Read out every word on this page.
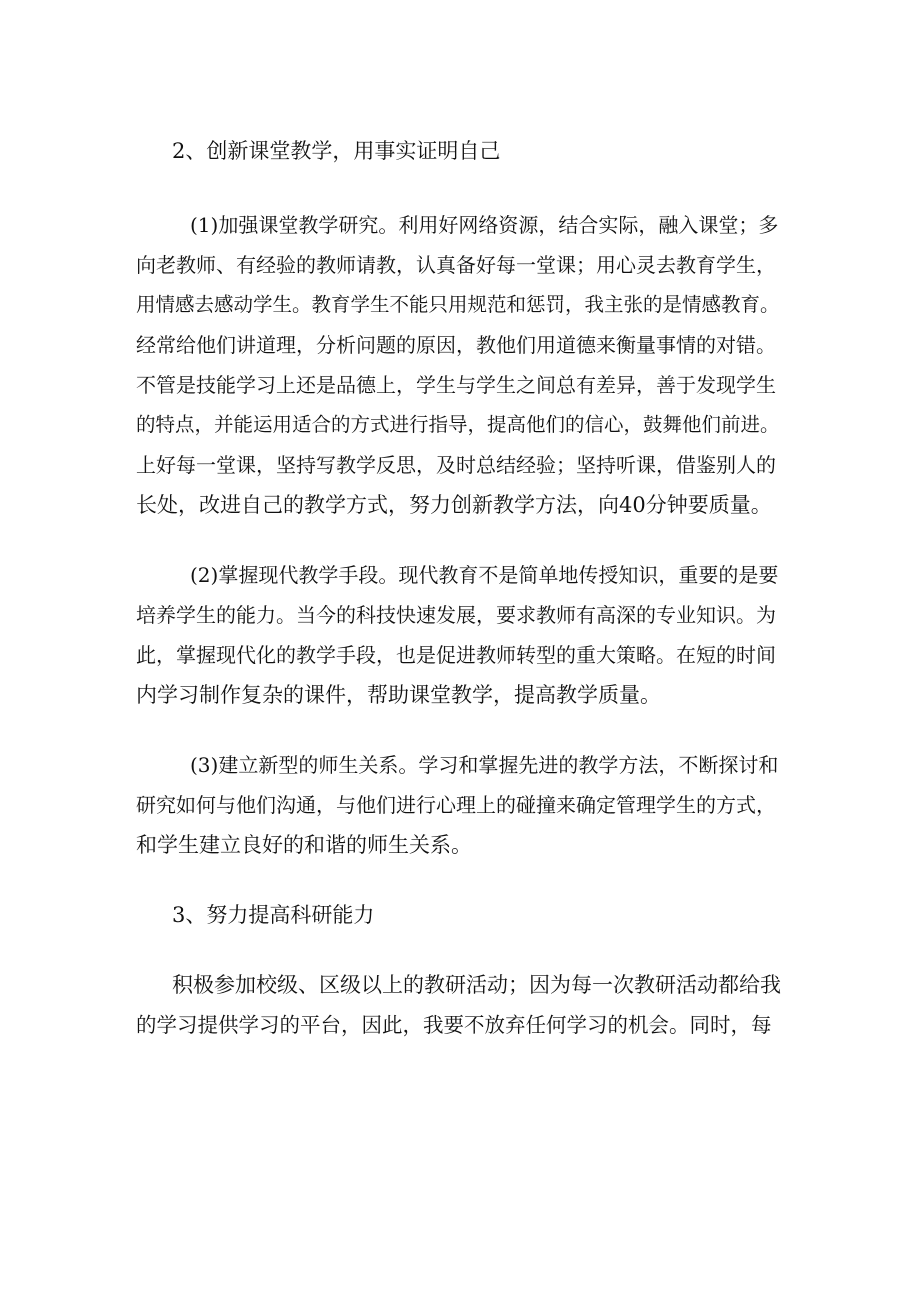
2、创新课堂教学，用事实证明自己

(1)加强课堂教学研究。利用好网络资源，结合实际，融入课堂；多
向老教师、有经验的教师请教，认真备好每一堂课；用心灵去教育学生，
用情感去感动学生。教育学生不能只用规范和惩罚，我主张的是情感教育。
经常给他们讲道理，分析问题的原因，教他们用道德来衡量事情的对错。
不管是技能学习上还是品德上，学生与学生之间总有差异，善于发现学生
的特点，并能运用适合的方式进行指导，提高他们的信心，鼓舞他们前进。
上好每一堂课，坚持写教学反思，及时总结经验；坚持听课，借鉴别人的
长处，改进自己的教学方式，努力创新教学方法，向40分钟要质量。

(2)掌握现代教学手段。现代教育不是简单地传授知识，重要的是要
培养学生的能力。当今的科技快速发展，要求教师有高深的专业知识。为
此，掌握现代化的教学手段，也是促进教师转型的重大策略。在短的时间
内学习制作复杂的课件，帮助课堂教学，提高教学质量。

(3)建立新型的师生关系。学习和掌握先进的教学方法，不断探讨和
研究如何与他们沟通，与他们进行心理上的碰撞来确定管理学生的方式，
和学生建立良好的和谐的师生关系。

3、努力提高科研能力

积极参加校级、区级以上的教研活动；因为每一次教研活动都给我
的学习提供学习的平台，因此，我要不放弃任何学习的机会。同时，每
